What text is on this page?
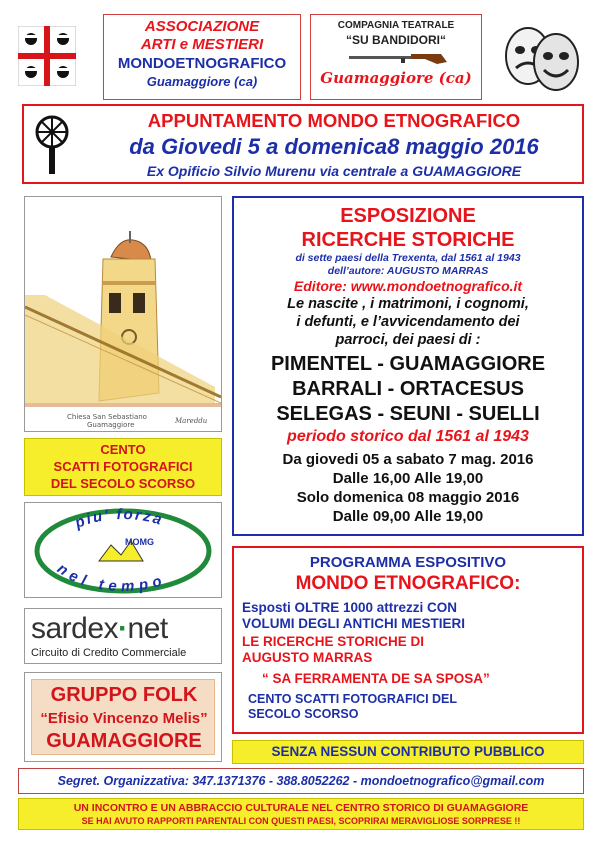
ASSOCIAZIONE
ARTI e MESTIERI
MONDOETNOGRAFICO
Guamaggiore (ca)
COMPAGNIA TEATRALE
“SU BANDIDORI“
Guamaggiore (ca)
APPUNTAMENTO MONDO ETNOGRAFICO
da Giovedi 5 a domenica8 maggio 2016
Ex Opificio Silvio Murenu via centrale a GUAMAGGIORE
Chiesa San Sebastiano
Guamaggiore	Mareddu
CENTO
SCATTI FOTOGRAFICI
DEL SECOLO SCORSO
piu' forza
nel tempo
MOMG
sardex·net
Circuito di Credito Commerciale
GRUPPO FOLK
“Efisio Vincenzo Melis”
GUAMAGGIORE
ESPOSIZIONE
RICERCHE STORICHE
di sette paesi della Trexenta, dal 1561 al 1943
dell’autore: AUGUSTO MARRAS
Editore: www.mondoetnografico.it
Le nascite , i matrimoni, i cognomi,
i defunti, e l’avvicendamento dei
parroci, dei paesi di :
PIMENTEL - GUAMAGGIORE
BARRALI - ORTACESUS
SELEGAS - SEUNI - SUELLI
periodo storico dal 1561 al 1943
Da giovedi 05 a sabato 7 mag. 2016
Dalle 16,00 Alle 19,00
Solo domenica 08 maggio 2016
Dalle 09,00 Alle 19,00
PROGRAMMA ESPOSITIVO
MONDO ETNOGRAFICO:
Esposti OLTRE 1000 attrezzi CON
VOLUMI DEGLI ANTICHI MESTIERI
LE RICERCHE STORICHE DI
AUGUSTO MARRAS
“ SA FERRAMENTA DE SA SPOSA”
CENTO SCATTI FOTOGRAFICI DEL
SECOLO SCORSO
SENZA NESSUN CONTRIBUTO PUBBLICO
Segret. Organizzativa: 347.1371376 - 388.8052262 - mondoetnografico@gmail.com
UN INCONTRO E UN ABBRACCIO CULTURALE NEL CENTRO STORICO DI GUAMAGGIORE
SE HAI AVUTO RAPPORTI PARENTALI CON QUESTI PAESI, SCOPRIRAI MERAVIGLIOSE SORPRESE !!
